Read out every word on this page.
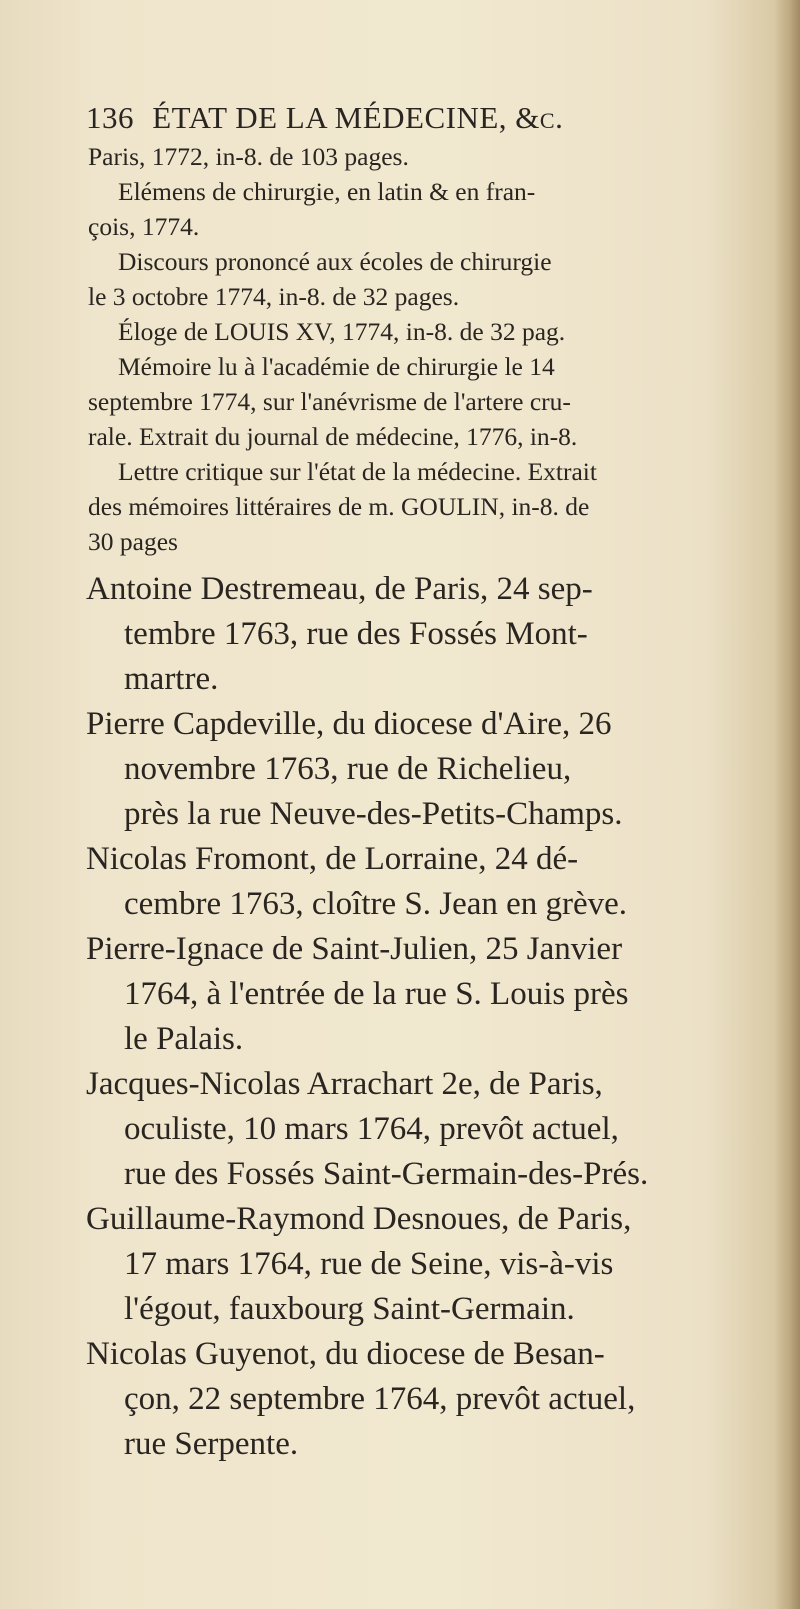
136 ÉTAT DE LA MÉDECINE, &c.
Paris, 1772, in-8. de 103 pages.
Elémens de chirurgie, en latin & en fran-
çois, 1774.
Discours prononcé aux écoles de chirurgie
le 3 octobre 1774, in-8. de 32 pages.
Éloge de LOUIS XV, 1774, in-8. de 32 pag.
Mémoire lu à l'académie de chirurgie le 14
septembre 1774, sur l'anévrisme de l'artere cru-
rale. Extrait du journal de médecine, 1776, in-8.
Lettre critique sur l'état de la médecine. Extrait
des mémoires littéraires de m. GOULIN, in-8. de
30 pages
Antoine Destremeau, de Paris, 24 sep-
tembre 1763, rue des Fossés Mont-
martre.
Pierre Capdeville, du diocese d'Aire, 26
novembre 1763, rue de Richelieu,
près la rue Neuve-des-Petits-Champs.
Nicolas Fromont, de Lorraine, 24 dé-
cembre 1763, cloître S. Jean en grève.
Pierre-Ignace de Saint-Julien, 25 Janvier
1764, à l'entrée de la rue S. Louis près
le Palais.
Jacques-Nicolas Arrachart 2e, de Paris,
oculiste, 10 mars 1764, prevôt actuel,
rue des Fossés Saint-Germain-des-Prés.
Guillaume-Raymond Desnoues, de Paris,
17 mars 1764, rue de Seine, vis-à-vis
l'égout, fauxbourg Saint-Germain.
Nicolas Guyenot, du diocese de Besan-
çon, 22 septembre 1764, prevôt actuel,
rue Serpente.
